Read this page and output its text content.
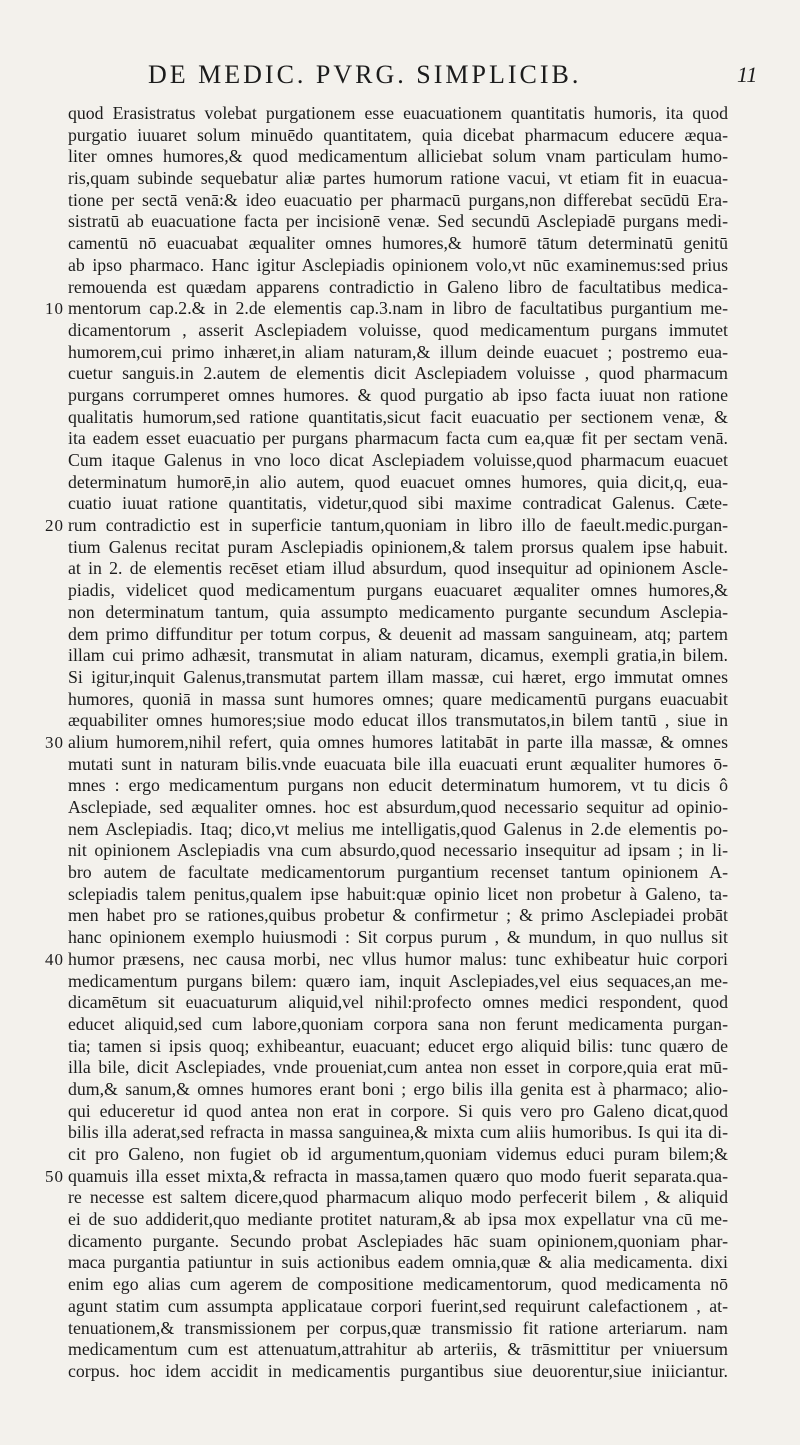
DE MEDIC. PVRG. SIMPLICIB.	11
quod Erasistratus volebat purgationem esse euacuationem quantitatis humoris, ita quod
purgatio iuuaret solum minuēdo quantitatem, quia dicebat pharmacum educere æqua-
liter omnes humores,& quod medicamentum alliciebat solum vnam particulam humo-
ris,quam subinde sequebatur aliæ partes humorum ratione vacui, vt etiam fit in euacua-
tione per sectā venā:& ideo euacuatio per pharmacū purgans,non differebat secūdū Era-
sistratū ab euacuatione facta per incisionē venæ. Sed secundū Asclepiadē purgans medi-
camentū nō euacuabat æqualiter omnes humores,& humorē tātum determinatū genitū
ab ipso pharmaco. Hanc igitur Asclepiadis opinionem volo,vt nūc examinemus:sed prius
remouenda est quædam apparens contradictio in Galeno libro de facultatibus medica-
mentorum cap.2.& in 2.de elementis cap.3.nam in libro de facultatibus purgantium me-
dicamentorum , asserit Asclepiadem voluisse, quod medicamentum purgans immutet
humorem,cui primo inhæret,in aliam naturam,& illum deinde euacuet ; postremo eua-
cuetur sanguis.in 2.autem de elementis dicit Asclepiadem voluisse , quod pharmacum
purgans corrumperet omnes humores. & quod purgatio ab ipso facta iuuat non ratione
qualitatis humorum,sed ratione quantitatis,sicut facit euacuatio per sectionem venæ, &
ita eadem esset euacuatio per purgans pharmacum facta cum ea,quæ fit per sectam venā.
Cum itaque Galenus in vno loco dicat Asclepiadem voluisse,quod pharmacum euacuet
determinatum humorē,in alio autem, quod euacuet omnes humores, quia dicit,q, eua-
cuatio iuuat ratione quantitatis, videtur,quod sibi maxime contradicat Galenus. Cæte-
rum contradictio est in superficie tantum,quoniam in libro illo de faeult.medic.purgan-
tium Galenus recitat puram Asclepiadis opinionem,& talem prorsus qualem ipse habuit.
at in 2. de elementis recēset etiam illud absurdum, quod insequitur ad opinionem Ascle-
piadis, videlicet quod medicamentum purgans euacuaret æqualiter omnes humores,&
non determinatum tantum, quia assumpto medicamento purgante secundum Asclepia-
dem primo diffunditur per totum corpus, & deuenit ad massam sanguineam, atq; partem
illam cui primo adhæsit, transmutat in aliam naturam, dicamus, exempli gratia,in bilem.
Si igitur,inquit Galenus,transmutat partem illam massæ, cui hæret, ergo immutat omnes
humores, quoniā in massa sunt humores omnes; quare medicamentū purgans euacuabit
æquabiliter omnes humores;siue modo educat illos transmutatos,in bilem tantū , siue in
alium humorem,nihil refert, quia omnes humores latitabāt in parte illa massæ, & omnes
mutati sunt in naturam bilis.vnde euacuata bile illa euacuati erunt æqualiter humores ō-
mnes : ergo medicamentum purgans non educit determinatum humorem, vt tu dicis ô
Asclepiade, sed æqualiter omnes. hoc est absurdum,quod necessario sequitur ad opinio-
nem Asclepiadis. Itaq; dico,vt melius me intelligatis,quod Galenus in 2.de elementis po-
nit opinionem Asclepiadis vna cum absurdo,quod necessario insequitur ad ipsam ; in li-
bro autem de facultate medicamentorum purgantium recenset tantum opinionem A-
sclepiadis talem penitus,qualem ipse habuit:quæ opinio licet non probetur à Galeno, ta-
men habet pro se rationes,quibus probetur & confirmetur ; & primo Asclepiadei probāt
hanc opinionem exemplo huiusmodi : Sit corpus purum , & mundum, in quo nullus sit
humor præsens, nec causa morbi, nec vllus humor malus: tunc exhibeatur huic corpori
medicamentum purgans bilem: quæro iam, inquit Asclepiades,vel eius sequaces,an me-
dicamētum sit euacuaturum aliquid,vel nihil:profecto omnes medici respondent, quod
educet aliquid,sed cum labore,quoniam corpora sana non ferunt medicamenta purgan-
tia; tamen si ipsis quoq; exhibeantur, euacuant; educet ergo aliquid bilis: tunc quæro de
illa bile, dicit Asclepiades, vnde proueniat,cum antea non esset in corpore,quia erat mū-
dum,& sanum,& omnes humores erant boni ; ergo bilis illa genita est à pharmaco; alio-
qui educeretur id quod antea non erat in corpore. Si quis vero pro Galeno dicat,quod
bilis illa aderat,sed refracta in massa sanguinea,& mixta cum aliis humoribus. Is qui ita di-
cit pro Galeno, non fugiet ob id argumentum,quoniam videmus educi puram bilem;&
quamuis illa esset mixta,& refracta in massa,tamen quæro quo modo fuerit separata.qua-
re necesse est saltem dicere,quod pharmacum aliquo modo perfecerit bilem , & aliquid
ei de suo addiderit,quo mediante protitet naturam,& ab ipsa mox expellatur vna cū me-
dicamento purgante. Secundo probat Asclepiades hāc suam opinionem,quoniam phar-
maca purgantia patiuntur in suis actionibus eadem omnia,quæ & alia medicamenta. dixi
enim ego alias cum agerem de compositione medicamentorum, quod medicamenta nō
agunt statim cum assumpta applicataue corpori fuerint,sed requirunt calefactionem , at-
tenuationem,& transmissionem per corpus,quæ transmissio fit ratione arteriarum. nam
medicamentum cum est attenuatum,attrahitur ab arteriis, & trāsmittitur per vniuersum
corpus. hoc idem accidit in medicamentis purgantibus siue deuorentur,siue iniiciantur.
10
20
30
40
50
